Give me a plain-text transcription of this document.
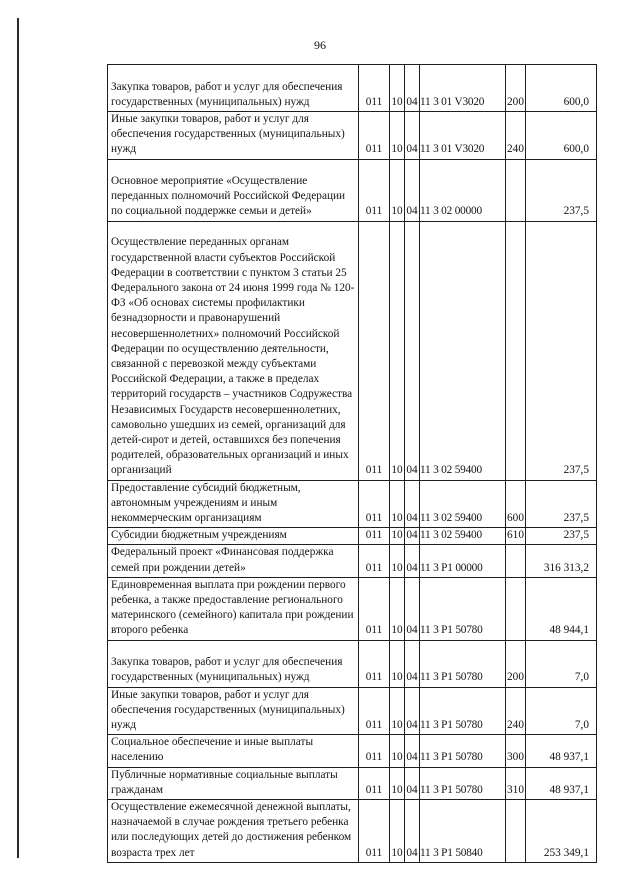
96
Закупка товаров, работ и услуг для обеспечения государственных (муниципальных) нужд	011	10	04	11 3 01 V3020	200	600,0
Иные закупки товаров, работ и услуг для обеспечения государственных (муниципальных) нужд	011	10	04	11 3 01 V3020	240	600,0
Основное мероприятие «Осуществление переданных полномочий Российской Федерации по социальной поддержке семьи и детей»	011	10	04	11 3 02 00000		237,5
Осуществление переданных органам государственной власти субъектов Российской Федерации в соответствии с пунктом 3 статьи 25 Федерального закона от 24 июня 1999 года № 120-ФЗ «Об основах системы профилактики безнадзорности и правонарушений несовершеннолетних» полномочий Российской Федерации по осуществлению деятельности, связанной с перевозкой между субъектами Российской Федерации, а также в пределах территорий государств – участников Содружества Независимых Государств несовершеннолетних, самовольно ушедших из семей, организаций для детей-сирот и детей, оставшихся без попечения родителей, образовательных организаций и иных организаций	011	10	04	11 3 02 59400		237,5
Предоставление субсидий бюджетным, автономным учреждениям и иным некоммерческим организациям	011	10	04	11 3 02 59400	600	237,5
Субсидии бюджетным учреждениям	011	10	04	11 3 02 59400	610	237,5
Федеральный проект «Финансовая поддержка семей при рождении детей»	011	10	04	11 3 P1 00000		316 313,2
Единовременная выплата при рождении первого ребенка, а также предоставление регионального материнского (семейного) капитала при рождении второго ребенка	011	10	04	11 3 P1 50780		48 944,1
Закупка товаров, работ и услуг для обеспечения государственных (муниципальных) нужд	011	10	04	11 3 P1 50780	200	7,0
Иные закупки товаров, работ и услуг для обеспечения государственных (муниципальных) нужд	011	10	04	11 3 P1 50780	240	7,0
Социальное обеспечение и иные выплаты населению	011	10	04	11 3 P1 50780	300	48 937,1
Публичные нормативные социальные выплаты гражданам	011	10	04	11 3 P1 50780	310	48 937,1
Осуществление ежемесячной денежной выплаты, назначаемой в случае рождения третьего ребенка или последующих детей до достижения ребенком возраста трех лет	011	10	04	11 3 P1 50840		253 349,1
